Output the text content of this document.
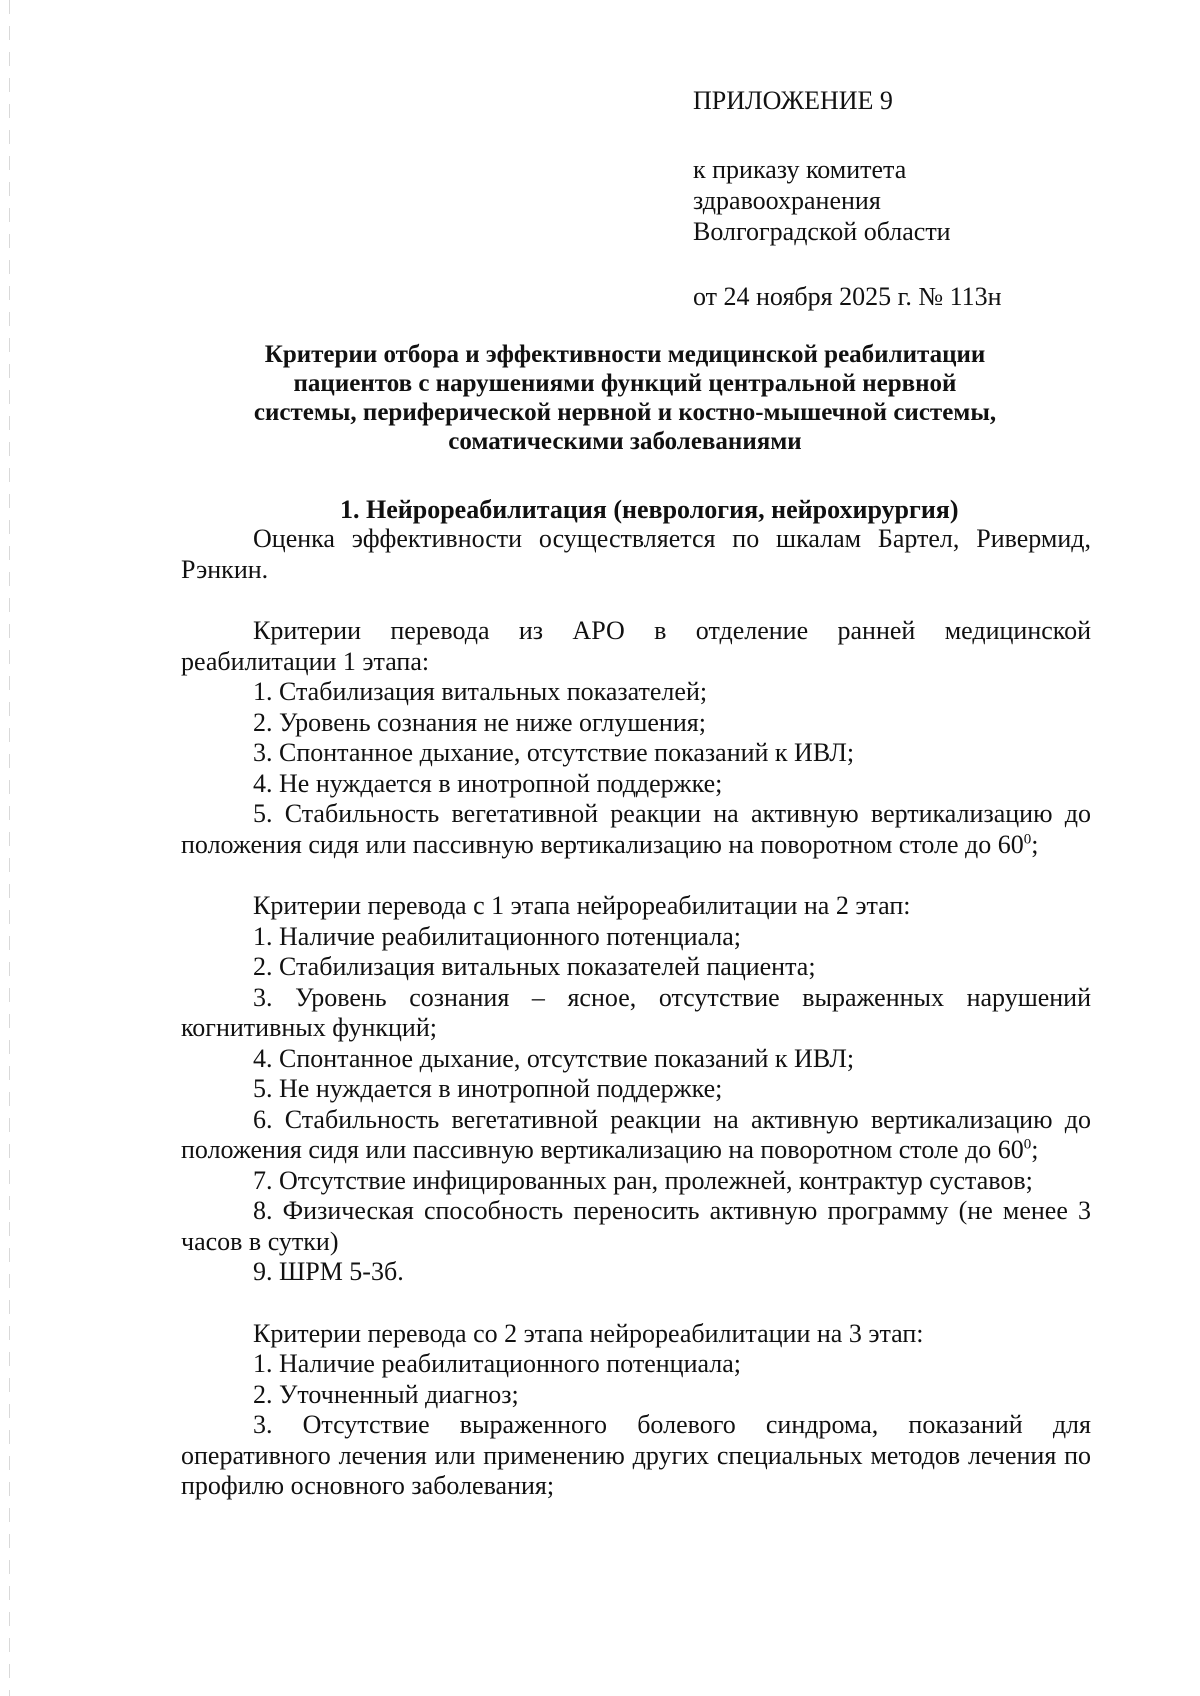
ПРИЛОЖЕНИЕ 9
к приказу комитета
здравоохранения
Волгоградской области
от 24 ноября 2025 г. № 113н
Критерии отбора и эффективности медицинской реабилитации
пациентов с нарушениями функций центральной нервной
системы, периферической нервной и костно-мышечной системы,
соматическими заболеваниями
1. Нейрореабилитация (неврология, нейрохирургия)

Оценка эффективности осуществляется по шкалам Бартел, Ривермид, Рэнкин.

Критерии перевода из АРО в отделение ранней медицинской реабилитации 1 этапа:

1. Стабилизация витальных показателей;

2. Уровень сознания не ниже оглушения;

3. Спонтанное дыхание, отсутствие показаний к ИВЛ;

4. Не нуждается в инотропной поддержке;

5. Стабильность вегетативной реакции на активную вертикализацию до положения сидя или пассивную вертикализацию на поворотном столе до $60^0$;

Критерии перевода с 1 этапа нейрореабилитации на 2 этап:

1. Наличие реабилитационного потенциала;

2. Стабилизация витальных показателей пациента;

3. Уровень сознания – ясное, отсутствие выраженных нарушений когнитивных функций;

4. Спонтанное дыхание, отсутствие показаний к ИВЛ;

5. Не нуждается в инотропной поддержке;

6. Стабильность вегетативной реакции на активную вертикализацию до положения сидя или пассивную вертикализацию на поворотном столе до $60^0$;

7. Отсутствие инфицированных ран, пролежней, контрактур суставов;

8. Физическая способность переносить активную программу (не менее 3 часов в сутки)

9. ШРМ 5-3б.

Критерии перевода со 2 этапа нейрореабилитации на 3 этап:

1. Наличие реабилитационного потенциала;

2. Уточненный диагноз;

3. Отсутствие выраженного болевого синдрома, показаний для оперативного лечения или применению других специальных методов лечения по профилю основного заболевания;
